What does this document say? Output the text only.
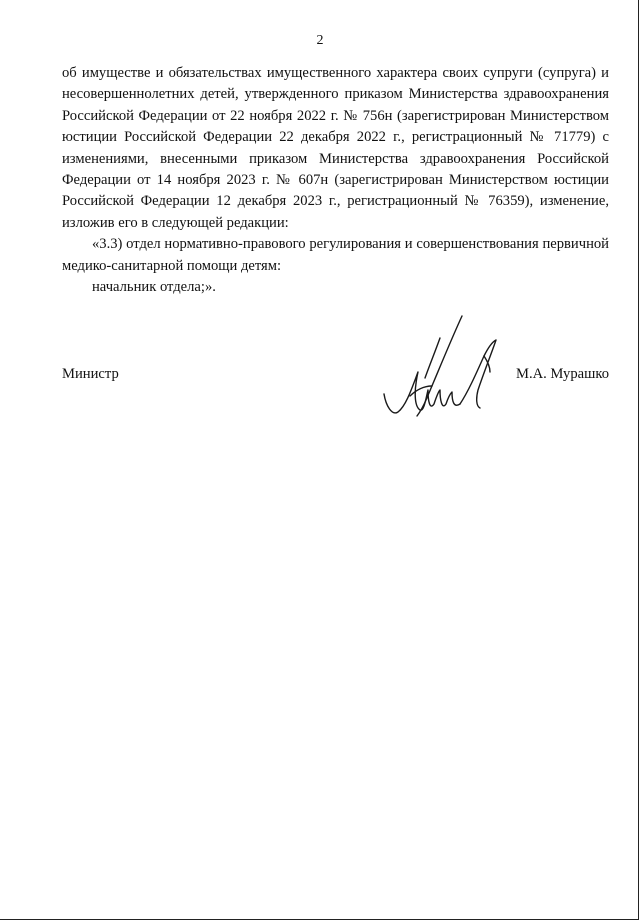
2

об имуществе и обязательствах имущественного характера своих супруги (супруга) и несовершеннолетних детей, утвержденного приказом Министерства здравоохранения Российской Федерации от 22 ноября 2022 г. № 756н (зарегистрирован Министерством юстиции Российской Федерации 22 декабря 2022 г., регистрационный № 71779) с изменениями, внесенными приказом Министерства здравоохранения Российской Федерации от 14 ноября 2023 г. № 607н (зарегистрирован Министерством юстиции Российской Федерации 12 декабря 2023 г., регистрационный № 76359), изменение, изложив его в следующей редакции:

«3.3) отдел нормативно-правового регулирования и совершенствования первичной медико-санитарной помощи детям:

начальник отдела;».

Министр	М.А. Мурашко
